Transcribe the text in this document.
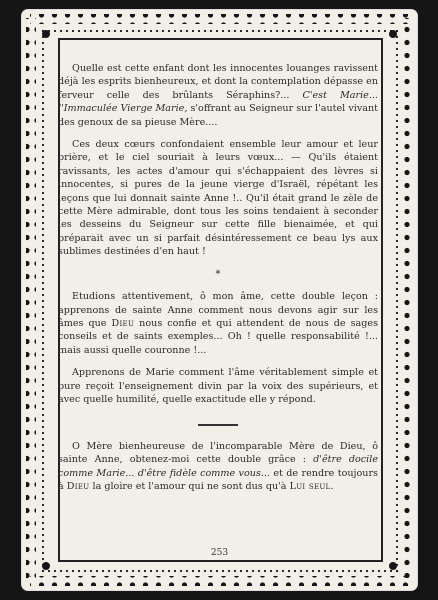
Quelle est cette enfant dont les innocentes louanges ravissent déjà les esprits bienheureux, et dont la contemplation dépasse en ferveur celle des brûlants Séraphins?... C'est Marie... l'Immaculée Vierge Marie, s'offrant au Seigneur sur l'autel vivant des genoux de sa pieuse Mère....

Ces deux cœurs confondaient ensemble leur amour et leur prière, et le ciel souriait à leurs vœux... — Qu'ils étaient ravissants, les actes d'amour qui s'échappaient des lèvres si innocentes, si pures de la jeune vierge d'Israël, répétant les leçons que lui donnait sainte Anne !.. Qu'il était grand le zèle de cette Mère admirable, dont tous les soins tendaient à seconder les desseins du Seigneur sur cette fille bienaimée, et qui préparait avec un si parfait désintéressement ce beau lys aux sublimes destinées d'en haut !

*

Etudions attentivement, ô mon âme, cette double leçon : apprenons de sainte Anne comment nous devons agir sur les âmes que Dieu nous confie et qui attendent de nous de sages conseils et de saints exemples... Oh ! quelle responsabilité !... mais aussi quelle couronne !...

Apprenons de Marie comment l'âme véritablement simple et pure reçoit l'enseignement divin par la voix des supérieurs, et avec quelle humilité, quelle exactitude elle y répond.

O Mère bienheureuse de l'incomparable Mère de Dieu, ô sainte Anne, obtenez-moi cette double grâce : d'être docile comme Marie... d'être fidèle comme vous... et de rendre toujours à Dieu la gloire et l'amour qui ne sont dus qu'à Lui seul.

253
